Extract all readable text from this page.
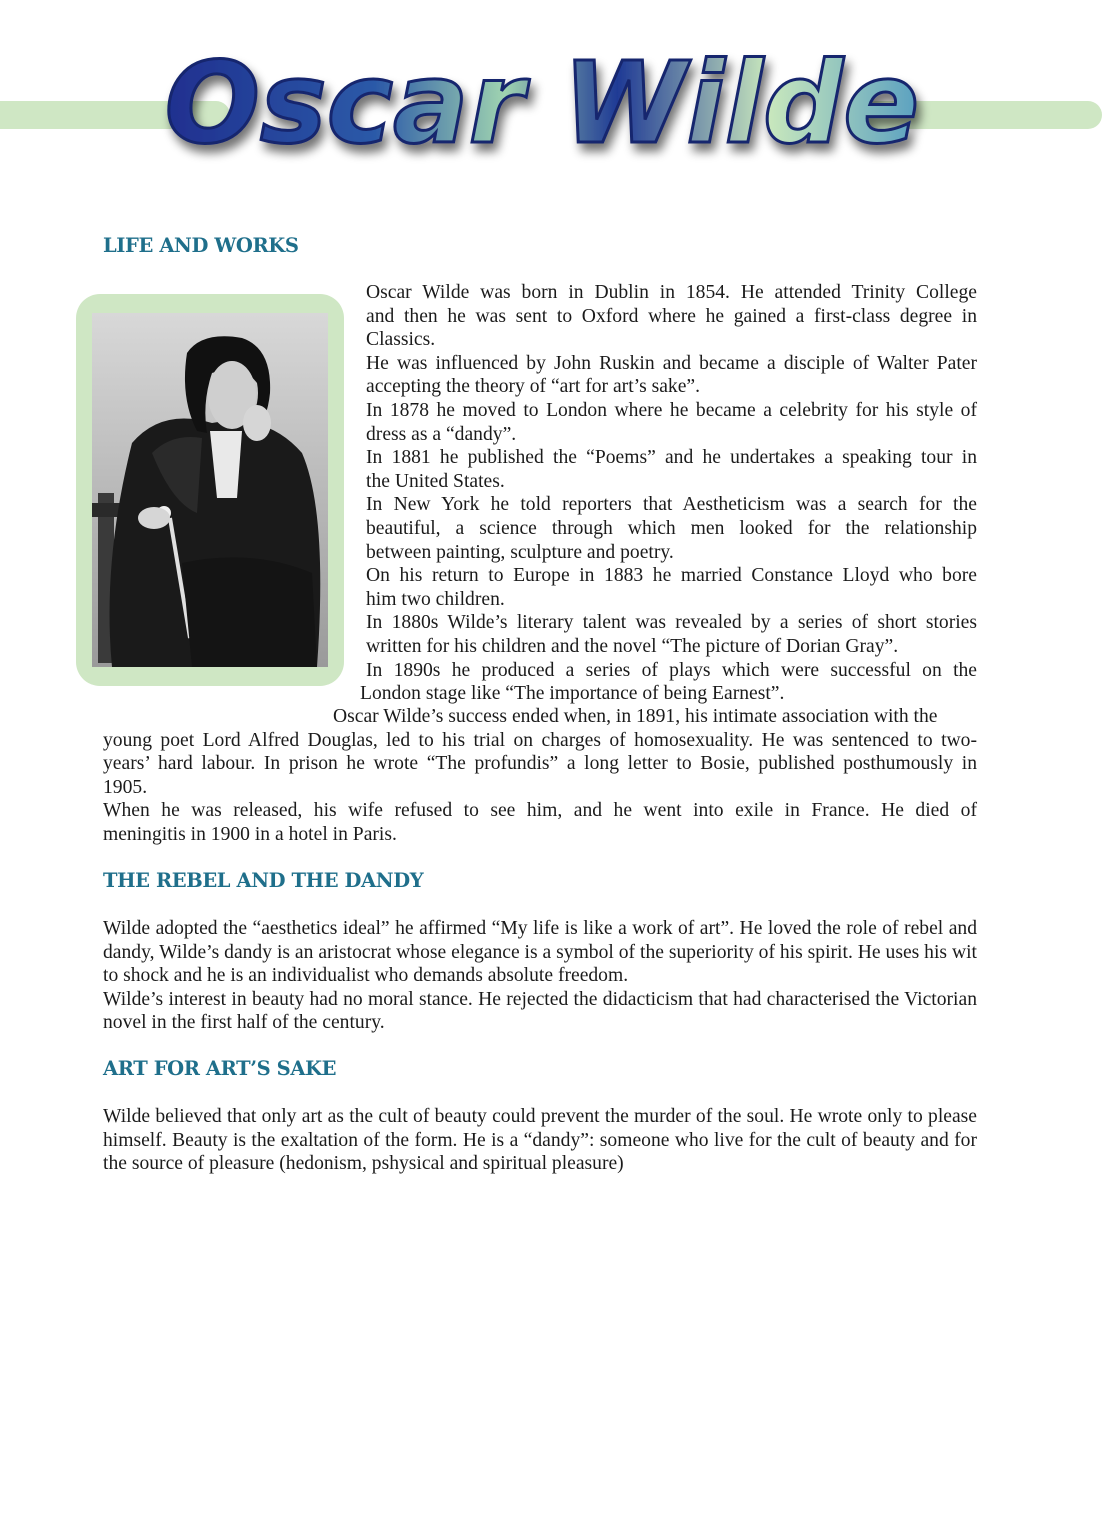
Oscar Wilde
LIFE AND WORKS
Oscar Wilde was born in Dublin in 1854. He attended Trinity College
and then he was sent to Oxford where he gained a first-class degree in
Classics.
He was influenced by John Ruskin and became a disciple of Walter Pater
accepting the theory of “art for art’s sake”.
In 1878 he moved to London where he became a celebrity for his style of
dress as a “dandy”.
In 1881 he published the “Poems” and he undertakes a speaking tour in
the United States.
In New York he told reporters that Aestheticism was a search for the
beautiful, a science through which men looked for the relationship
between painting, sculpture and poetry.
On his return to Europe in 1883 he married Constance Lloyd who bore
him two children.
In 1880s Wilde’s literary talent was revealed by a series of short stories
written for his children and the novel “The picture of Dorian Gray”.
In 1890s he produced a series of plays which were successful on the
London stage like “The importance of being Earnest”.
Oscar Wilde’s success ended when, in 1891, his intimate association with the
young poet Lord Alfred Douglas, led to his trial on charges of homosexuality. He was sentenced to two-
years’ hard labour. In prison he wrote “The profundis” a long letter to Bosie, published posthumously in
1905.
When he was released, his wife refused to see him, and he went into exile in France. He died of
meningitis in 1900 in a hotel in Paris.
THE REBEL AND THE DANDY

Wilde adopted the “aesthetics ideal” he affirmed “My life is like a work of art”. He loved the role of rebel and dandy, Wilde’s dandy is an aristocrat whose elegance is a symbol of the superiority of his spirit. He uses his wit to shock and he is an individualist who demands absolute freedom.

Wilde’s interest in beauty had no moral stance. He rejected the didacticism that had characterised the Victorian novel in the first half of the century.

ART FOR ART’S SAKE

Wilde believed that only art as the cult of beauty could prevent the murder of the soul. He wrote only to please himself. Beauty is the exaltation of the form. He is a “dandy”: someone who live for the cult of beauty and for the source of pleasure (hedonism, pshysical and spiritual pleasure)
